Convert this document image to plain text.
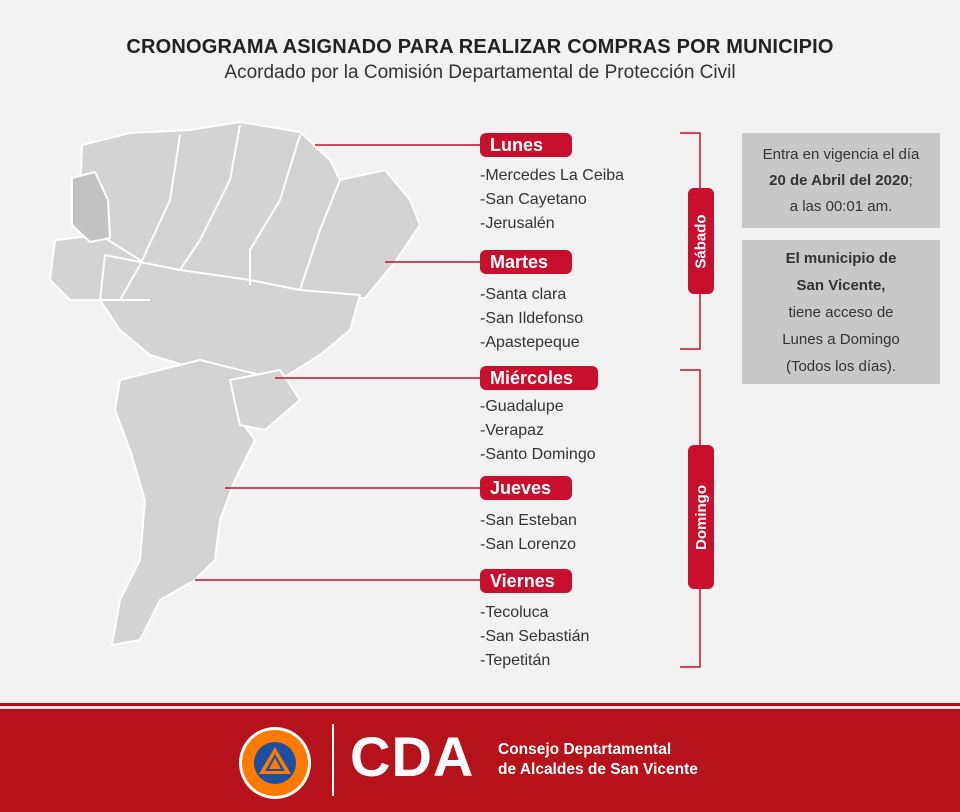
CRONOGRAMA ASIGNADO PARA REALIZAR COMPRAS POR MUNICIPIO
Acordado por la Comisión Departamental de Protección Civil
Lunes
Martes
Miércoles
Jueves
Viernes
-Mercedes La Ceiba
-San Cayetano
-Jerusalén
-Santa clara
-San Ildefonso
-Apastepeque
-Guadalupe
-Verapaz
-Santo Domingo
-San Esteban
-San Lorenzo
-Tecoluca
-San Sebastián
-Tepetitán
Sábado
Domingo
Entra en vigencia el día
20 de Abril del 2020;
a las 00:01 am.
El municipio de
San Vicente,
tiene acceso de
Lunes a Domingo
(Todos los días).
CDA Consejo Departamental
de Alcaldes de San Vicente
